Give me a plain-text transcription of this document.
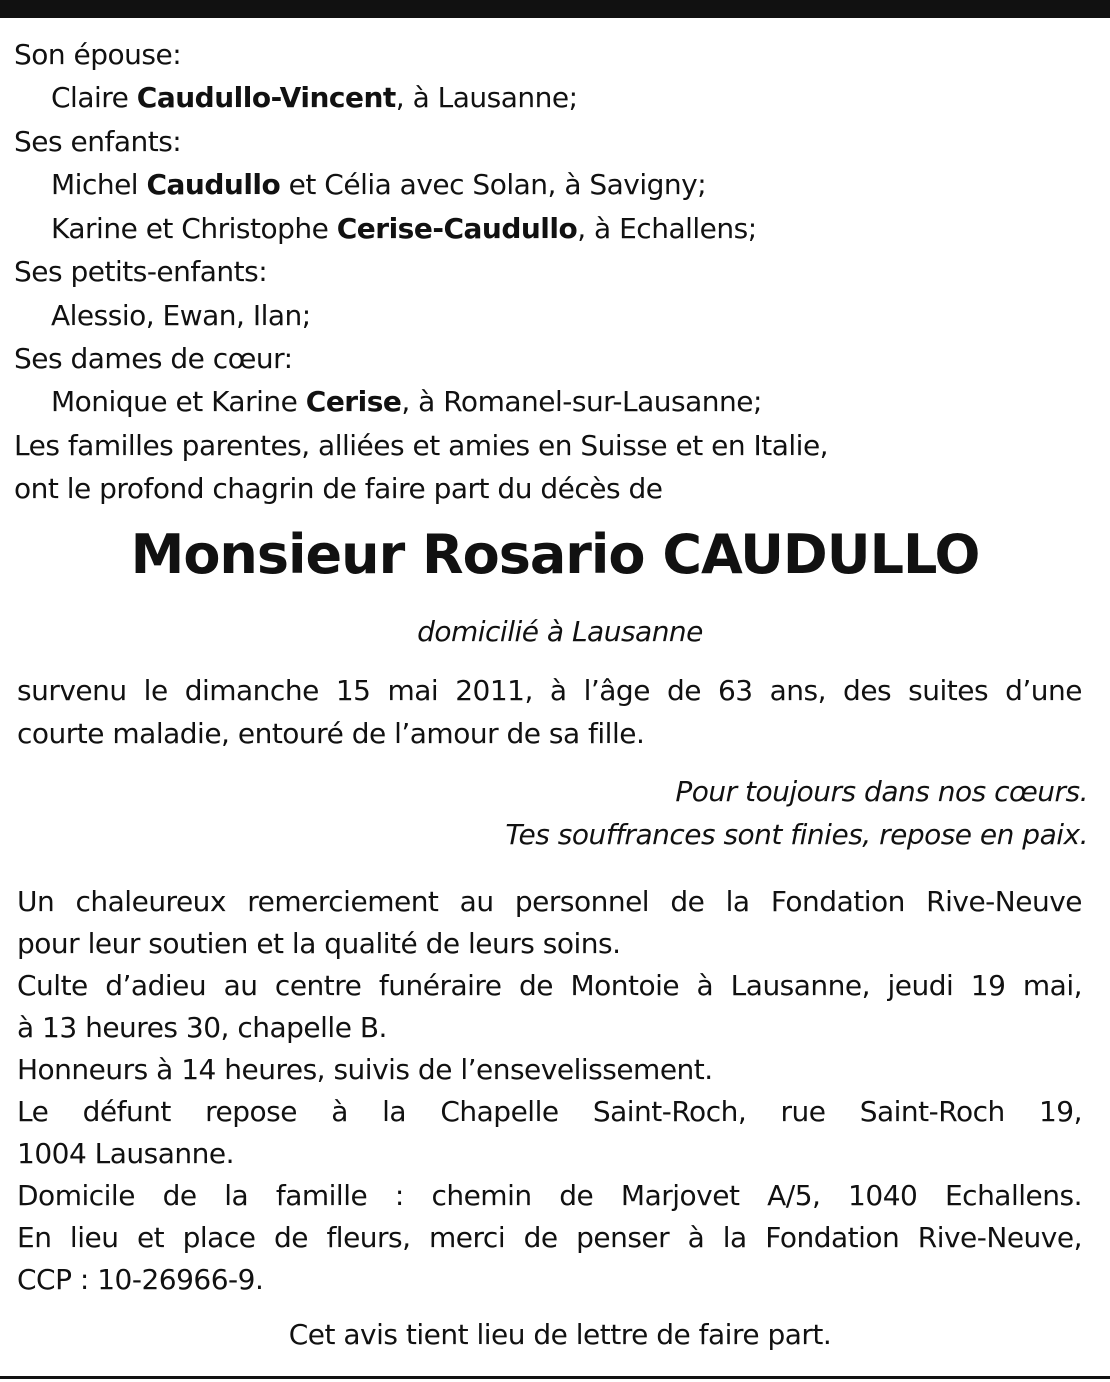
Son épouse:
Claire Caudullo-Vincent, à Lausanne;
Ses enfants:
Michel Caudullo et Célia avec Solan, à Savigny;
Karine et Christophe Cerise-Caudullo, à Echallens;
Ses petits-enfants:
Alessio, Ewan, Ilan;
Ses dames de cœur:
Monique et Karine Cerise, à Romanel-sur-Lausanne;
Les familles parentes, alliées et amies en Suisse et en Italie,
ont le profond chagrin de faire part du décès de
Monsieur Rosario CAUDULLO
domicilié à Lausanne
survenu le dimanche 15 mai 2011, à l’âge de 63 ans, des suites d’une
courte maladie, entouré de l’amour de sa fille.
Pour toujours dans nos cœurs.
Tes souffrances sont finies, repose en paix.
Un chaleureux remerciement au personnel de la Fondation Rive-Neuve
pour leur soutien et la qualité de leurs soins.
Culte d’adieu au centre funéraire de Montoie à Lausanne, jeudi 19 mai,
à 13 heures 30, chapelle B.
Honneurs à 14 heures, suivis de l’ensevelissement.
Le défunt repose à la Chapelle Saint-Roch, rue Saint-Roch 19,
1004 Lausanne.
Domicile de la famille : chemin de Marjovet A/5, 1040 Echallens.
En lieu et place de fleurs, merci de penser à la Fondation Rive-Neuve,
CCP : 10-26966-9.
Cet avis tient lieu de lettre de faire part.
